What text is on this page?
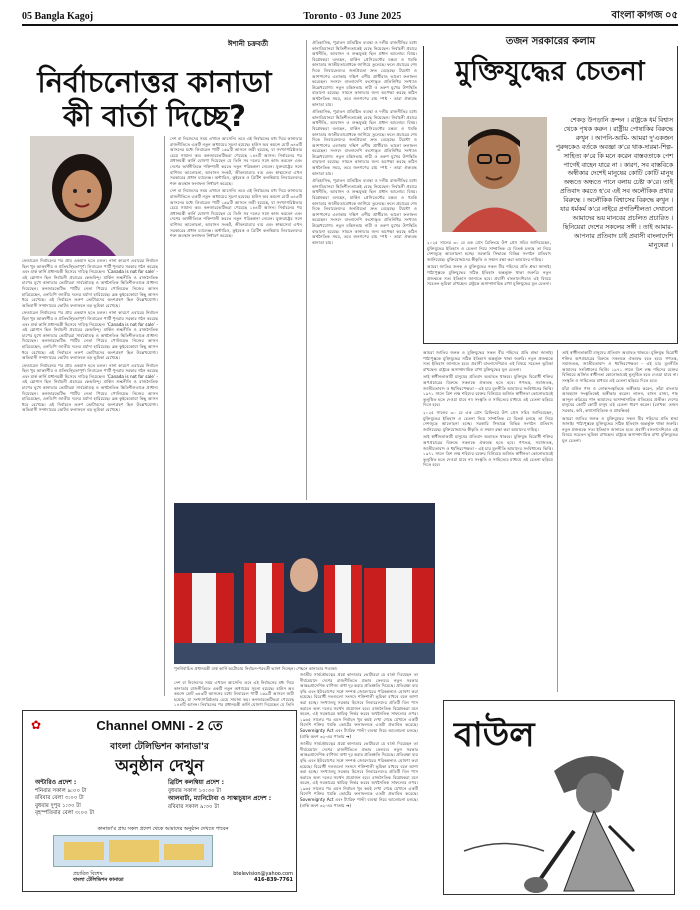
05 Bangla Kagoj	Toronto - 03 June 2025	বাংলা কাগজ ০৫
ঈশানী চক্রবর্তী
নির্বাচনোত্তর কানাডা কী বার্তা দিচ্ছে?

ফেডারেল নির্বাচনের পর প্রায় একমাস হতে চলল। নানা কারণে এবারের নির্বাচন ছিল খুব আকর্ষণীয় ও প্রতিদ্বন্দ্বিতাপূর্ণ। লিবারেল পার্টি পুনরায় সরকার গঠন করেছে এবং মার্ক কার্নি প্রধানমন্ত্রী হিসেবে দায়িত্ব নিয়েছেন। ‘Canada is not for sale’ - এই স্লোগান ছিল নির্বাচনী প্রচারের কেন্দ্রবিন্দু। মার্কিন শুল্কনীতি ও রাজনৈতিক চাপের মুখে কানাডার ভোটাররা সার্বভৌমত্ব ও অর্থনৈতিক স্থিতিশীলতাকে প্রাধান্য দিয়েছেন। কনজারভেটিভ পার্টির নেতা পিয়ের পোলিয়েভ নিজের আসন হারিয়েছেন, এনডিপি জাতীয় দলের মর্যাদা হারিয়েছে। ব্লক কুইবেকোয়া কিছু আসন ধরে রেখেছে। এই নির্বাচনে তরুণ ভোটারদের অংশগ্রহণ ছিল উল্লেখযোগ্য। অভিবাসী সম্প্রদায়ের ভোটও ফলাফলে বড় ভূমিকা রেখেছে।

ফেডারেল নির্বাচনের পর প্রায় একমাস হতে চলল। নানা কারণে এবারের নির্বাচন ছিল খুব আকর্ষণীয় ও প্রতিদ্বন্দ্বিতাপূর্ণ। লিবারেল পার্টি পুনরায় সরকার গঠন করেছে এবং মার্ক কার্নি প্রধানমন্ত্রী হিসেবে দায়িত্ব নিয়েছেন। ‘Canada is not for sale’ - এই স্লোগান ছিল নির্বাচনী প্রচারের কেন্দ্রবিন্দু। মার্কিন শুল্কনীতি ও রাজনৈতিক চাপের মুখে কানাডার ভোটাররা সার্বভৌমত্ব ও অর্থনৈতিক স্থিতিশীলতাকে প্রাধান্য দিয়েছেন। কনজারভেটিভ পার্টির নেতা পিয়ের পোলিয়েভ নিজের আসন হারিয়েছেন, এনডিপি জাতীয় দলের মর্যাদা হারিয়েছে। ব্লক কুইবেকোয়া কিছু আসন ধরে রেখেছে। এই নির্বাচনে তরুণ ভোটারদের অংশগ্রহণ ছিল উল্লেখযোগ্য। অভিবাসী সম্প্রদায়ের ভোটও ফলাফলে বড় ভূমিকা রেখেছে।

ফেডারেল নির্বাচনের পর প্রায় একমাস হতে চলল। নানা কারণে এবারের নির্বাচন ছিল খুব আকর্ষণীয় ও প্রতিদ্বন্দ্বিতাপূর্ণ। লিবারেল পার্টি পুনরায় সরকার গঠন করেছে এবং মার্ক কার্নি প্রধানমন্ত্রী হিসেবে দায়িত্ব নিয়েছেন। ‘Canada is not for sale’ - এই স্লোগান ছিল নির্বাচনী প্রচারের কেন্দ্রবিন্দু। মার্কিন শুল্কনীতি ও রাজনৈতিক চাপের মুখে কানাডার ভোটাররা সার্বভৌমত্ব ও অর্থনৈতিক স্থিতিশীলতাকে প্রাধান্য দিয়েছেন। কনজারভেটিভ পার্টির নেতা পিয়ের পোলিয়েভ নিজের আসন হারিয়েছেন, এনডিপি জাতীয় দলের মর্যাদা হারিয়েছে। ব্লক কুইবেকোয়া কিছু আসন ধরে রেখেছে। এই নির্বাচনে তরুণ ভোটারদের অংশগ্রহণ ছিল উল্লেখযোগ্য। অভিবাসী সম্প্রদায়ের ভোটও ফলাফলে বড় ভূমিকা রেখেছে।

দেশ বা নিজেদের সময় এখানে আসেনি। তবে এই নির্বাচনের মধ্য দিয়ে কানাডার রাজনীতিতে একটি নতুন অধ্যায়ের সূচনা হয়েছে। হাউস অব কমন্সে মোট ৩৪৩টি আসনের মধ্যে লিবারেল পার্টি ১৬৯টি আসনে জয়ী হয়েছে, যা সংখ্যাগরিষ্ঠতার চেয়ে সামান্য কম। কনজারভেটিভরা পেয়েছে ১৪৪টি আসন। নির্বাচনের পর প্রধানমন্ত্রী কার্নি ঘোষণা দিয়েছেন যে তিনি সব দলের সঙ্গে কাজ করবেন এবং দেশের অর্থনীতিকে শক্তিশালী করতে নতুন পরিকল্পনা নেবেন। যুক্তরাষ্ট্রের সঙ্গে বাণিজ্য আলোচনা, আবাসন সংকট, জীবনযাত্রার ব্যয় এবং স্বাস্থ্যসেবা এখন সরকারের প্রধান চ্যালেঞ্জ। অন্টারিও, কুইবেক ও ব্রিটিশ কলম্বিয়ায় লিবারেলদের শক্ত অবস্থান ফলাফল নির্ধারণ করেছে।

দেশ বা নিজেদের সময় এখানে আসেনি। তবে এই নির্বাচনের মধ্য দিয়ে কানাডার রাজনীতিতে একটি নতুন অধ্যায়ের সূচনা হয়েছে। হাউস অব কমন্সে মোট ৩৪৩টি আসনের মধ্যে লিবারেল পার্টি ১৬৯টি আসনে জয়ী হয়েছে, যা সংখ্যাগরিষ্ঠতার চেয়ে সামান্য কম। কনজারভেটিভরা পেয়েছে ১৪৪টি আসন। নির্বাচনের পর প্রধানমন্ত্রী কার্নি ঘোষণা দিয়েছেন যে তিনি সব দলের সঙ্গে কাজ করবেন এবং দেশের অর্থনীতিকে শক্তিশালী করতে নতুন পরিকল্পনা নেবেন। যুক্তরাষ্ট্রের সঙ্গে বাণিজ্য আলোচনা, আবাসন সংকট, জীবনযাত্রার ব্যয় এবং স্বাস্থ্যসেবা এখন সরকারের প্রধান চ্যালেঞ্জ। অন্টারিও, কুইবেক ও ব্রিটিশ কলম্বিয়ায় লিবারেলদের শক্ত অবস্থান ফলাফল নির্ধারণ করেছে।

ঐতিহাসিক, পুরাতন প্রতিষ্ঠিত ব্যবস্থা ও দলীয় রাজনীতির মধ্যে কানাডিয়ানরা স্থিতিশীলতাকেই বেছে নিয়েছেন। নির্বাচনী প্রচারে অর্থনীতি, আবাসন ও শুল্কযুদ্ধই ছিল প্রধান আলোচ্য বিষয়। বিশ্লেষকরা বলছেন, মার্কিন প্রেসিডেন্টের মন্তব্য ও হুমকি কানাডার জাতীয়তাবোধকে জাগিয়ে তুলেছে। ফলে প্রচারের শেষ দিকে লিবারেলদের জনপ্রিয়তা দ্রুত বেড়েছে। টরন্টো ও আশপাশের এলাকায় দক্ষিণ এশীয় প্রার্থীরাও ভালো ফলাফল করেছেন। সংসদে বাংলাদেশি বংশোদ্ভূত প্রতিনিধির সংখ্যাও উল্লেখযোগ্য। নতুন মন্ত্রিসভায় নারী ও তরুণ মুখের উপস্থিতি বাড়ানো হয়েছে। সামনে কানাডার জন্য অপেক্ষা করছে কঠিন অর্থনৈতিক সময়, তবে জনগণের রায় স্পষ্ট - তারা ঐক্যবদ্ধ কানাডা চায়।

ঐতিহাসিক, পুরাতন প্রতিষ্ঠিত ব্যবস্থা ও দলীয় রাজনীতির মধ্যে কানাডিয়ানরা স্থিতিশীলতাকেই বেছে নিয়েছেন। নির্বাচনী প্রচারে অর্থনীতি, আবাসন ও শুল্কযুদ্ধই ছিল প্রধান আলোচ্য বিষয়। বিশ্লেষকরা বলছেন, মার্কিন প্রেসিডেন্টের মন্তব্য ও হুমকি কানাডার জাতীয়তাবোধকে জাগিয়ে তুলেছে। ফলে প্রচারের শেষ দিকে লিবারেলদের জনপ্রিয়তা দ্রুত বেড়েছে। টরন্টো ও আশপাশের এলাকায় দক্ষিণ এশীয় প্রার্থীরাও ভালো ফলাফল করেছেন। সংসদে বাংলাদেশি বংশোদ্ভূত প্রতিনিধির সংখ্যাও উল্লেখযোগ্য। নতুন মন্ত্রিসভায় নারী ও তরুণ মুখের উপস্থিতি বাড়ানো হয়েছে। সামনে কানাডার জন্য অপেক্ষা করছে কঠিন অর্থনৈতিক সময়, তবে জনগণের রায় স্পষ্ট - তারা ঐক্যবদ্ধ কানাডা চায়।

ঐতিহাসিক, পুরাতন প্রতিষ্ঠিত ব্যবস্থা ও দলীয় রাজনীতির মধ্যে কানাডিয়ানরা স্থিতিশীলতাকেই বেছে নিয়েছেন। নির্বাচনী প্রচারে অর্থনীতি, আবাসন ও শুল্কযুদ্ধই ছিল প্রধান আলোচ্য বিষয়। বিশ্লেষকরা বলছেন, মার্কিন প্রেসিডেন্টের মন্তব্য ও হুমকি কানাডার জাতীয়তাবোধকে জাগিয়ে তুলেছে। ফলে প্রচারের শেষ দিকে লিবারেলদের জনপ্রিয়তা দ্রুত বেড়েছে। টরন্টো ও আশপাশের এলাকায় দক্ষিণ এশীয় প্রার্থীরাও ভালো ফলাফল করেছেন। সংসদে বাংলাদেশি বংশোদ্ভূত প্রতিনিধির সংখ্যাও উল্লেখযোগ্য। নতুন মন্ত্রিসভায় নারী ও তরুণ মুখের উপস্থিতি বাড়ানো হয়েছে। সামনে কানাডার জন্য অপেক্ষা করছে কঠিন অর্থনৈতিক সময়, তবে জনগণের রায় স্পষ্ট - তারা ঐক্যবদ্ধ কানাডা চায়।

পুনর্নির্বাচিত প্রধানমন্ত্রী মার্ক কার্নি অটোয়ায় নির্বাচন-পরবর্তী ভাষণ দিচ্ছেন। পেছনে কানাডার পতাকা।

জাতীয় সার্বভৌমত্বের প্রশ্নে কানাডার ভোটাররা যে বার্তা দিয়েছেন তা দীর্ঘমেয়াদে দেশের রাজনীতিতে প্রভাব ফেলবে। নতুন সরকার আন্তঃপ্রাদেশিক বাণিজ্য বাধা দূর করার প্রতিশ্রুতি দিয়েছে। প্রতিরক্ষা ব্যয় বৃদ্ধি এবং ইউরোপের সঙ্গে সম্পর্ক জোরদারের পরিকল্পনাও ঘোষণা করা হয়েছে। বিরোধী দলগুলো সংসদে শক্তিশালী ভূমিকা রাখবে বলে আশা করা হচ্ছে। সংখ্যালঘু সরকার হিসেবে লিবারেলদের প্রতিটি বিল পাস করাতে অন্য দলের সমর্থন প্রয়োজন হবে। রাজনৈতিক বিশ্লেষকরা মনে করেন, এই সরকারের স্থায়িত্ব নির্ভর করবে অর্থনৈতিক সাফল্যের ওপর। ১৯৬৫ সালের পর এমন নির্বাচন খুব কমই দেখা গেছে যেখানে একটি বিদেশি শক্তির হুমকি ভোটের ফলাফলকে এতটা প্রভাবিত করেছে। Sovereignty Act এবং ট্যারিফ পাল্টা ব্যবস্থা নিয়ে আলোচনা চলছে। (বাকি অংশ ৩২-এর পাতায় ➔)

জাতীয় সার্বভৌমত্বের প্রশ্নে কানাডার ভোটাররা যে বার্তা দিয়েছেন তা দীর্ঘমেয়াদে দেশের রাজনীতিতে প্রভাব ফেলবে। নতুন সরকার আন্তঃপ্রাদেশিক বাণিজ্য বাধা দূর করার প্রতিশ্রুতি দিয়েছে। প্রতিরক্ষা ব্যয় বৃদ্ধি এবং ইউরোপের সঙ্গে সম্পর্ক জোরদারের পরিকল্পনাও ঘোষণা করা হয়েছে। বিরোধী দলগুলো সংসদে শক্তিশালী ভূমিকা রাখবে বলে আশা করা হচ্ছে। সংখ্যালঘু সরকার হিসেবে লিবারেলদের প্রতিটি বিল পাস করাতে অন্য দলের সমর্থন প্রয়োজন হবে। রাজনৈতিক বিশ্লেষকরা মনে করেন, এই সরকারের স্থায়িত্ব নির্ভর করবে অর্থনৈতিক সাফল্যের ওপর। ১৯৬৫ সালের পর এমন নির্বাচন খুব কমই দেখা গেছে যেখানে একটি বিদেশি শক্তির হুমকি ভোটের ফলাফলকে এতটা প্রভাবিত করেছে। Sovereignty Act এবং ট্যারিফ পাল্টা ব্যবস্থা নিয়ে আলোচনা চলছে। (বাকি অংশ ৩২-এর পাতায় ➔)

দেশ বা নিজেদের সময় এখানে আসেনি। তবে এই নির্বাচনের মধ্য দিয়ে কানাডার রাজনীতিতে একটি নতুন অধ্যায়ের সূচনা হয়েছে। হাউস অব কমন্সে মোট ৩৪৩টি আসনের মধ্যে লিবারেল পার্টি ১৬৯টি আসনে জয়ী হয়েছে, যা সংখ্যাগরিষ্ঠতার চেয়ে সামান্য কম। কনজারভেটিভরা পেয়েছে ১৪৪টি আসন। নির্বাচনের পর প্রধানমন্ত্রী কার্নি ঘোষণা দিয়েছেন যে তিনি

✿	Channel OMNI - 2 তে
বাংলা টেলিভিশন কানাডা'র
অনুষ্ঠান দেখুন
অন্টারিও প্রদেশ :
শনিবার সকাল ৯:০০ টা
রবিবার বেলা ৩:০০ টা
বুধবার দুপুর ১:৩০ টা
বৃহস্পতিবার বেলা ৩:০০ টা
ব্রিটিশ কলম্বিয়া প্রদেশ :
বুধবার সকাল ১০:৩০ টা
আলবার্টা, ম্যানিটোবা ও সাস্কাচুয়ান প্রদেশ :
রবিবার সকাল ৯:৩০ টা
কানাডা'র প্রায় সকল প্রদেশ থেকে আমাদের অনুষ্ঠান দেখতে পাবেন
প্রচারিত বিশেষ
বাংলা টেলিভিশন কানাডা
btelevision@yahoo.com
416-839-7761
তজন সরকারের কলাম
মুক্তিযুদ্ধের চেতনা
শেকড় উপড়ানি ক্রন্দন । রাষ্ট্রকে ধর্ম বিশ্বাস থেকে পৃথক করুন । রাষ্ট্রীয় পোষাকির বিরুদ্ধে রুখুন । আপনি-আমি- আমরা দু'একজন পুরুষকেও বর্তকে অবজ্ঞা ক'রে থাক-দারমা-শিল্প-সাহিত্য ক'রে কি মনে করেন বাস্তবতাকে পেশ পাগেই বাহেন যারে না । কারণ, সব বাস্তবিকে অস্বীকার দেশেই মানুষের কোটি কোটি মানুষ অন্ধতে অন্ধতে পানে বলায় চেষ্টা ক'রে। তাই প্রতিবাদ করতে হ'বে এই সব অলৌকিক প্রথার বিরুদ্ধে । অলৌকিক বিশ্বাসের বিরুদ্ধে রুখুন । যার ধর্মকর্ম ক'রে নাইরে প্রগতিশীলতা দেখানো আমাদের ভয় মানবের প্রচলিত প্রচারিত । ছিনিয়েরা দেশের সকলের সঙ্গী । তাই আমার-আপনার প্রতিবাদ চাই প্রবাসী বাংলাদেশি মানুষেরা ।

২০২৫ সালের ৩০ মে এক প্রেস ব্রিফিংয়ে উপ প্রেস সচিব জানিয়েছেন, মুক্তিযুদ্ধের ইতিহাস ও চেতনা নিয়ে সাম্প্রতিক যে বিতর্ক চলছে তা নিয়ে দেশজুড়ে আলোচনা হচ্ছে। সরকারি সিদ্ধান্তে বিভিন্ন সংগঠন প্রতিবাদ জানিয়েছে। মুক্তিযোদ্ধাদের স্বীকৃতি ও সম্মান রক্ষা করা আমাদের দায়িত্ব।

আমরা জাতির জনক ও মুক্তিযুদ্ধের সকল বীর শহিদের প্রতি শ্রদ্ধা জানাই। পাঠ্যপুস্তকে মুক্তিযুদ্ধের সঠিক ইতিহাস অন্তর্ভুক্ত থাকা জরুরি। নতুন প্রজন্মকে সত্য ইতিহাস জানাতে হবে। প্রবাসী বাংলাদেশিরাও এই বিষয়ে সচেতন ভূমিকা রাখছেন। রাষ্ট্রকে অসাম্প্রদায়িক রাখা মুক্তিযুদ্ধের মূল চেতনা।

আমরা জাতির জনক ও মুক্তিযুদ্ধের সকল বীর শহিদের প্রতি শ্রদ্ধা জানাই। পাঠ্যপুস্তকে মুক্তিযুদ্ধের সঠিক ইতিহাস অন্তর্ভুক্ত থাকা জরুরি। নতুন প্রজন্মকে সত্য ইতিহাস জানাতে হবে। প্রবাসী বাংলাদেশিরাও এই বিষয়ে সচেতন ভূমিকা রাখছেন। রাষ্ট্রকে অসাম্প্রদায়িক রাখা মুক্তিযুদ্ধের মূল চেতনা।

তাই স্বাধীনতাকামী মানুষের প্রতিবাদ অব্যাহত থাকবে। মুক্তিযুদ্ধ বিরোধী শক্তির অপপ্রচারের বিরুদ্ধে সকলকে ঐক্যবদ্ধ হতে হবে। গণতন্ত্র, সমাজতন্ত্র, জাতীয়তাবাদ ও ধর্মনিরপেক্ষতা - এই চার মূলনীতি আমাদের সংবিধানের ভিত্তি। ১৯৭১ সালে ত্রিশ লক্ষ শহিদের রক্তের বিনিময়ে অর্জিত স্বাধীনতা কোনোভাবেই ভুলুণ্ঠিত হতে দেওয়া যাবে না। সংস্কৃতি ও সাহিত্যের মাধ্যমে এই চেতনা ছড়িয়ে দিতে হবে।

২০২৫ সালের ৩০ মে এক প্রেস ব্রিফিংয়ে উপ প্রেস সচিব জানিয়েছেন, মুক্তিযুদ্ধের ইতিহাস ও চেতনা নিয়ে সাম্প্রতিক যে বিতর্ক চলছে তা নিয়ে দেশজুড়ে আলোচনা হচ্ছে। সরকারি সিদ্ধান্তে বিভিন্ন সংগঠন প্রতিবাদ জানিয়েছে। মুক্তিযোদ্ধাদের স্বীকৃতি ও সম্মান রক্ষা করা আমাদের দায়িত্ব।

তাই স্বাধীনতাকামী মানুষের প্রতিবাদ অব্যাহত থাকবে। মুক্তিযুদ্ধ বিরোধী শক্তির অপপ্রচারের বিরুদ্ধে সকলকে ঐক্যবদ্ধ হতে হবে। গণতন্ত্র, সমাজতন্ত্র, জাতীয়তাবাদ ও ধর্মনিরপেক্ষতা - এই চার মূলনীতি আমাদের সংবিধানের ভিত্তি। ১৯৭১ সালে ত্রিশ লক্ষ শহিদের রক্তের বিনিময়ে অর্জিত স্বাধীনতা কোনোভাবেই ভুলুণ্ঠিত হতে দেওয়া যাবে না। সংস্কৃতি ও সাহিত্যের মাধ্যমে এই চেতনা ছড়িয়ে দিতে হবে।

তাই স্বাধীনতাকামী মানুষের প্রতিবাদ অব্যাহত থাকবে। মুক্তিযুদ্ধ বিরোধী শক্তির অপপ্রচারের বিরুদ্ধে সকলকে ঐক্যবদ্ধ হতে হবে। গণতন্ত্র, সমাজতন্ত্র, জাতীয়তাবাদ ও ধর্মনিরপেক্ষতা - এই চার মূলনীতি আমাদের সংবিধানের ভিত্তি। ১৯৭১ সালে ত্রিশ লক্ষ শহিদের রক্তের বিনিময়ে অর্জিত স্বাধীনতা কোনোভাবেই ভুলুণ্ঠিত হতে দেওয়া যাবে না। সংস্কৃতি ও সাহিত্যের মাধ্যমে এই চেতনা ছড়িয়ে দিতে হবে।

যাঁরা বাউল গান ও লোকসংস্কৃতিকে অস্বীকার করেন, তাঁরা বাংলার আবহমান সংস্কৃতিকেই অস্বীকার করেন। লালন, হাসন রাজা, শাহ আব্দুল করিমের গান আমাদের অসাম্প্রদায়িক ঐতিহ্যের প্রতীক। দেশের মানুষের কোটি কোটি মানুষ এই চেতনা ধারণ করেন। (লেখক: তজন সরকার, কবি, কথাসাহিত্যিক ও প্রাবন্ধিক)

আমরা জাতির জনক ও মুক্তিযুদ্ধের সকল বীর শহিদের প্রতি শ্রদ্ধা জানাই। পাঠ্যপুস্তকে মুক্তিযুদ্ধের সঠিক ইতিহাস অন্তর্ভুক্ত থাকা জরুরি। নতুন প্রজন্মকে সত্য ইতিহাস জানাতে হবে। প্রবাসী বাংলাদেশিরাও এই বিষয়ে সচেতন ভূমিকা রাখছেন। রাষ্ট্রকে অসাম্প্রদায়িক রাখা মুক্তিযুদ্ধের মূল চেতনা।

বাউল
